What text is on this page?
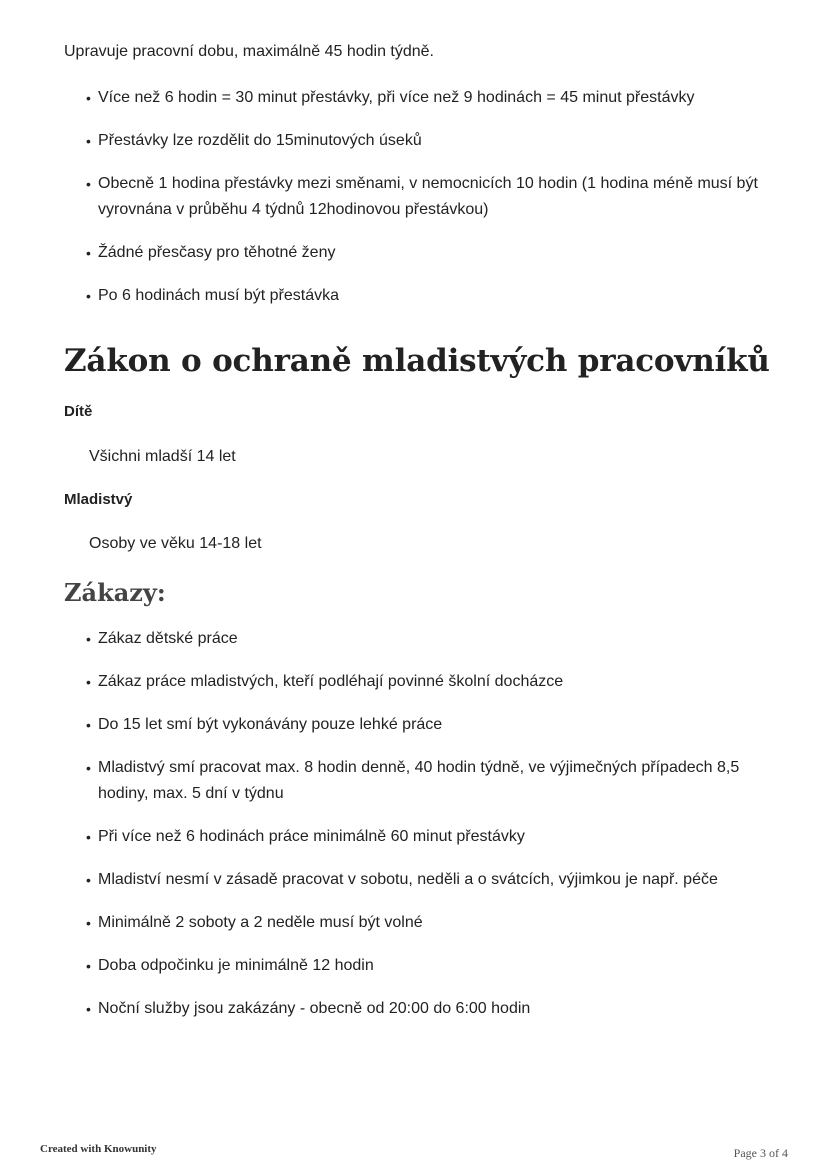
Upravuje pracovní dobu, maximálně 45 hodin týdně.

• Více než 6 hodin = 30 minut přestávky, při více než 9 hodinách = 45 minut přestávky
• Přestávky lze rozdělit do 15minutových úseků
• Obecně 1 hodina přestávky mezi směnami, v nemocnicích 10 hodin (1 hodina méně musí být vyrovnána v průběhu 4 týdnů 12hodinovou přestávkou)
• Žádné přesčasy pro těhotné ženy
• Po 6 hodinách musí být přestávka
Zákon o ochraně mladistvých pracovníků
Dítě
Všichni mladší 14 let
Mladistvý
Osoby ve věku 14-18 let
Zákazy:
• Zákaz dětské práce
• Zákaz práce mladistvých, kteří podléhají povinné školní docházce
• Do 15 let smí být vykonávány pouze lehké práce
• Mladistvý smí pracovat max. 8 hodin denně, 40 hodin týdně, ve výjimečných případech 8,5 hodiny, max. 5 dní v týdnu
• Při více než 6 hodinách práce minimálně 60 minut přestávky
• Mladiství nesmí v zásadě pracovat v sobotu, neděli a o svátcích, výjimkou je např. péče
• Minimálně 2 soboty a 2 neděle musí být volné
• Doba odpočinku je minimálně 12 hodin
• Noční služby jsou zakázány - obecně od 20:00 do 6:00 hodin
Created with Knowunity	Page 3 of 4
